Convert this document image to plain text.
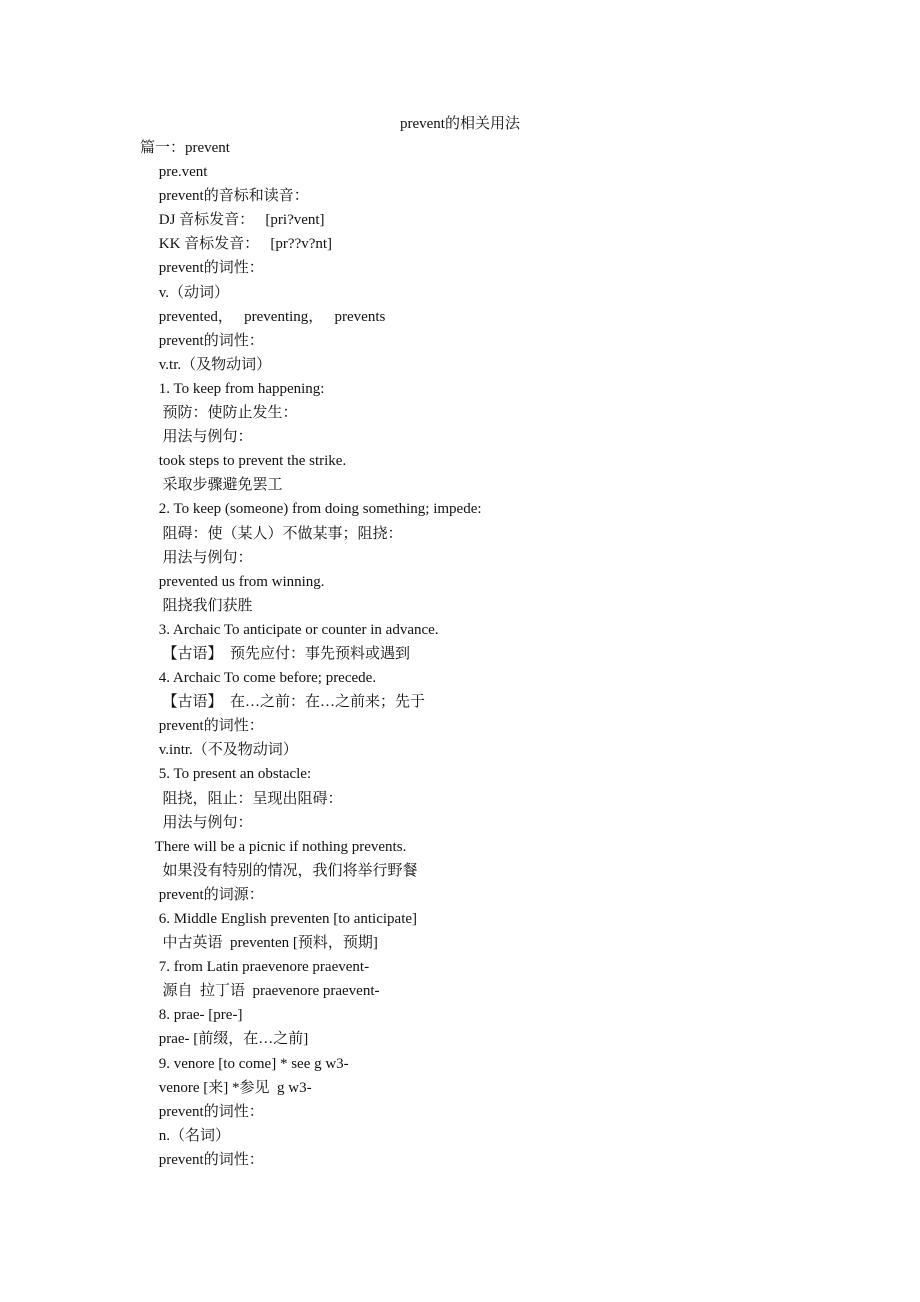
prevent的相关用法
篇一：prevent
pre.vent
prevent的音标和读音：
DJ 音标发音：   [pri?vent]
KK 音标发音：   [pr??v?nt]
prevent的词性：
v.（动词）
prevented，   preventing，   prevents
prevent的词性：
v.tr.（及物动词）
1. To keep from happening:
预防：使防止发生：
用法与例句：
took steps to prevent the strike.
采取步骤避免罢工
2. To keep (someone) from doing something; impede:
阻碍：使（某人）不做某事；阻挠：
用法与例句：
prevented us from winning.
阻挠我们获胜
3. Archaic To anticipate or counter in advance.
【古语】  预先应付：事先预料或遇到
4. Archaic To come before; precede.
【古语】  在…之前：在…之前来；先于
prevent的词性：
v.intr.（不及物动词）
5. To present an obstacle:
阻挠，阻止：呈现出阻碍：
用法与例句：
There will be a picnic if nothing prevents.
如果没有特别的情况，我们将举行野餐
prevent的词源：
6. Middle English preventen [to anticipate]
中古英语  preventen [预料，预期]
7. from Latin praevenore praevent-
源自  拉丁语  praevenore praevent-
8. prae- [pre-]
prae- [前缀，在…之前]
9. venore [to come] * see g w3-
venore [来] *参见  g w3-
prevent的词性：
n.（名词）
prevent的词性：
